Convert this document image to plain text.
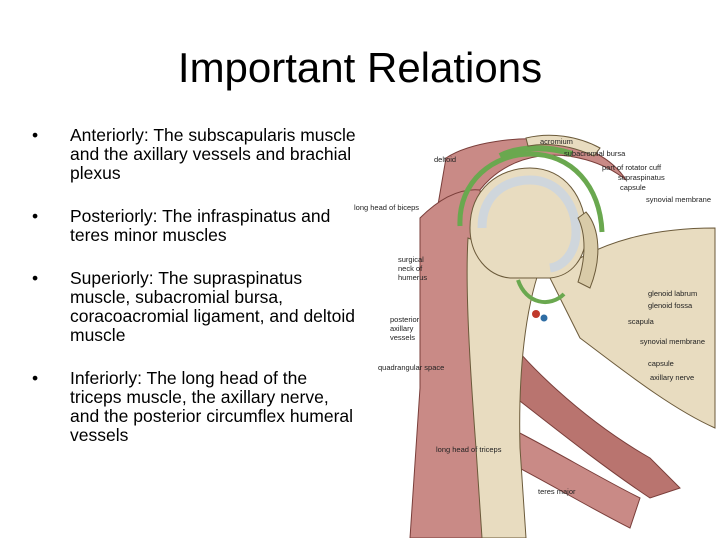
Important Relations
• Anteriorly: The subscapularis muscle and the axillary vessels and brachial plexus
• Posteriorly: The infraspinatus and teres minor muscles
• Superiorly: The supraspinatus muscle, subacromial bursa, coracoacromial ligament, and deltoid muscle
• Inferiorly: The long head of the triceps muscle, the axillary nerve, and the posterior circumflex humeral vessels
deltoid
long head of biceps
surgical
neck of
humerus
posterior
axillary
vessels
quadrangular space
long head of triceps
teres major
acromium
subacromial bursa
part of rotator cuff
supraspinatus
capsule
synovial membrane
glenoid labrum
glenoid fossa
scapula
synovial membrane
capsule
axillary nerve
